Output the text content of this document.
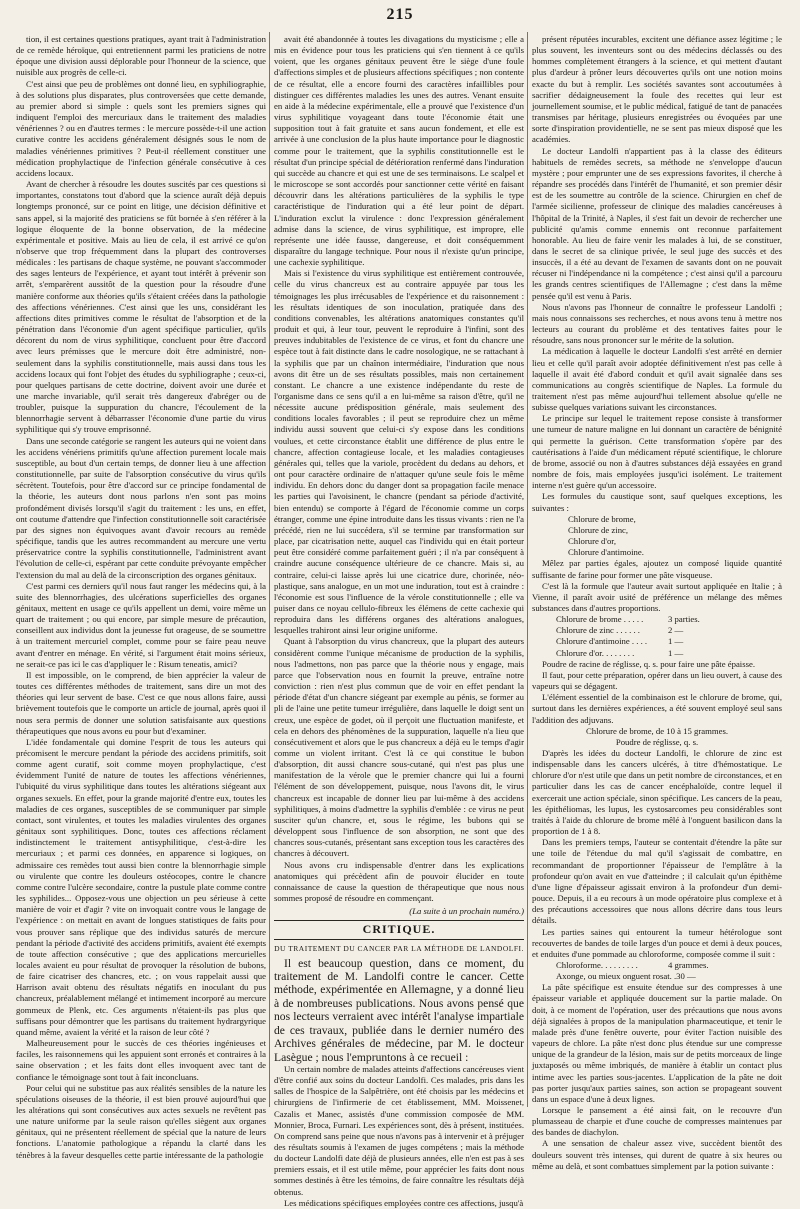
215

tion, il est certaines questions pratiques, ayant trait à l'administration de ce remède héroïque, qui entretiennent parmi les praticiens de notre époque une division aussi déplorable pour l'honneur de la science, que nuisible aux progrès de celle-ci.

C'est ainsi que peu de problèmes ont donné lieu, en syphiliographie, à des solutions plus disparates, plus controversées que cette demande, au premier abord si simple : quels sont les premiers signes qui indiquent l'emploi des mercuriaux dans le traitement des maladies vénériennes ? ou en d'autres termes : le mercure possède-t-il une action curative contre les accidens généralement désignés sous le nom de maladies vénériennes primitives ? Peut-il réellement constituer une médication prophylactique de l'infection générale consécutive à ces accidens locaux.

Avant de chercher à résoudre les doutes suscités par ces questions si importantes, constatons tout d'abord que la science auraît déjà depuis longtemps prononcé, sur ce point en litige, une décision définitive et sans appel, si la majorité des praticiens se fût bornée à s'en référer à la logique éloquente de la bonne observation, de la médecine expérimentale et positive. Mais au lieu de cela, il est arrivé ce qu'on n'observe que trop fréquemment dans la plupart des controverses médicales : les partisans de chaque système, ne pouvant s'accommoder des sages lenteurs de l'expérience, et ayant tout intérêt à prévenir son arrêt, s'emparèrent aussitôt de la question pour la résoudre d'une manière conforme aux théories qu'ils s'étaient créées dans la pathologie des affections vénériennes. C'est ainsi que les uns, considérant les affections dites primitives comme le résultat de l'absorption et de la pénétration dans l'économie d'un agent spécifique particulier, qu'ils décorent du nom de virus syphilitique, concluent pour être d'accord avec leurs prémisses que le mercure doit être administré, non-seulement dans la syphilis constitutionnelle, mais aussi dans tous les accidens locaux qui font l'objet des études du syphiliographe ; ceux-ci, pour quelques partisans de cette doctrine, doivent avoir une durée et une marche invariable, qu'il serait très dangereux d'abréger ou de troubler, puisque la suppuration du chancre, l'écoulement de la blennorrhagie servent à débarrasser l'économie d'une partie du virus syphilitique qui s'y trouve emprisonné.

Dans une seconde catégorie se rangent les auteurs qui ne voient dans les accidens vénériens primitifs qu'une affection purement locale mais susceptible, au bout d'un certain temps, de donner lieu à une affection constitutionnelle, par suite de l'absorption consécutive du virus qu'ils sécrètent. Toutefois, pour être d'accord sur ce principe fondamental de la théorie, les auteurs dont nous parlons n'en sont pas moins profondément divisés lorsqu'il s'agit du traitement : les uns, en effet, ont coutume d'attendre que l'infection constitutionnelle soit caractérisée par des signes non équivoques avant d'avoir recours au remède spécifique, tandis que les autres recommandent au mercure une vertu préservatrice contre la syphilis constitutionnelle, l'administrent avant l'évolution de celle-ci, espérant par cette conduite prévoyante empêcher l'extension du mal au delà de la circonscription des organes génitaux.

C'est parmi ces derniers qu'il nous faut ranger les médecins qui, à la suite des blennorrhagies, des ulcérations superficielles des organes génitaux, mettent en usage ce qu'ils appellent un demi, voire même un quart de traitement ; ou qui encore, par simple mesure de précaution, conseillent aux individus dont la jeunesse fut orageuse, de se soumettre à un traitement mercuriel complet, comme pour se faire peau neuve avant d'entrer en ménage. En vérité, si l'argument était moins sérieux, ne serait-ce pas ici le cas d'appliquer le : Risum teneatis, amici?

Il est impossible, on le comprend, de bien apprécier la valeur de toutes ces différentes méthodes de traitement, sans dire un mot des théories qui leur servent de base. C'est ce que nous allons faire, aussi brièvement toutefois que le comporte un article de journal, après quoi il nous sera permis de donner une solution satisfaisante aux questions thérapeutiques que nous avons eu pour but d'examiner.

L'idée fondamentale qui domine l'esprit de tous les auteurs qui précomisent le mercure pendant la période des accidens primitifs, soit comme agent curatif, soit comme moyen prophylactique, c'est évidemment l'unité de nature de toutes les affections vénériennes, l'ubiquité du virus syphilitique dans toutes les altérations siégeant aux organes sexuels. En effet, pour la grande majorité d'entre eux, toutes les maladies de ces organes, susceptibles de se communiquer par simple contact, sont virulentes, et toutes les maladies virulentes des organes génitaux sont syphilitiques. Donc, toutes ces affections réclament indistinctement le traitement antisyphilitique, c'est-à-dire les mercuriaux ; et parmi ces données, en apparence si logiques, on admissaire ces remèdes tout aussi bien contre la blennorrhagie simple ou virulente que contre les douleurs ostéocopes, contre le chancre comme contre l'ulcère secondaire, contre la pustule plate comme contre les syphilides... Opposez-vous une objection un peu sérieuse à cette manière de voir et d'agir ? vite on invoquait contre vous le langage de l'expérience : on mettait en avant de longues statistiques de faits pour vous prouver sans réplique que des individus saturés de mercure pendant la période d'activité des accidens primitifs, avaient été exempts de toute affection consécutive ; que des applications mercurielles locales avaient eu pour résultat de provoquer la résolution de bubons, de faire cicatriser des chancres, etc. ; on vous rappelait aussi que Harrison avait obtenu des résultats négatifs en inoculant du pus chancreux, préalablement mélangé et intimement incorporé au mercure gommeux de Plenk, etc. Ces arguments n'étaient-ils pas plus que suffisans pour démontrer que les partisans du traitement hydrargyrique quand même, avaient la vérité et la raison de leur côté ?

Malheureusement pour le succès de ces théories ingénieuses et faciles, les raisonnemens qui les appuient sont erronés et contraires à la saine observation ; et les faits dont elles invoquent avec tant de confiance le témoignage sont tout à fait inconcluans.

Pour celui qui ne substitue pas aux réalités sensibles de la nature les spéculations oiseuses de la théorie, il est bien prouvé aujourd'hui que les altérations qui sont consécutives aux actes sexuels ne revêtent pas une nature uniforme par la seule raison qu'elles siègent aux organes génitaux, qui ne présentent réellement de spécial que la nature de leurs fonctions. L'anatomie pathologique a répandu la clarté dans les ténèbres à la faveur desquelles cette partie intéressante de la pathologie

avait été abandonnée à toutes les divagations du mysticisme ; elle a mis en évidence pour tous les praticiens qui s'en tiennent à ce qu'ils voient, que les organes génitaux peuvent être le siège d'une foule d'affections simples et de plusieurs affections spécifiques ; non contente de ce résultat, elle a encore fourni des caractères infaillibles pour distinguer ces différentes maladies les unes des autres. Venant ensuite en aide à la médecine expérimentale, elle a prouvé que l'existence d'un virus syphilitique voyageant dans toute l'économie était une supposition tout à fait gratuite et sans aucun fondement, et elle est arrivée à une conclusion de la plus haute importance pour le diagnostic comme pour le traitement, que la syphilis constitutionnelle est le résultat d'un principe spécial de détérioration renfermé dans l'induration qui succède au chancre et qui est une de ses terminaisons. Le scalpel et le microscope se sont accordés pour sanctionner cette vérité en faisant découvrir dans les altérations particulières de la syphilis le type caractéristique de l'induration qui a été leur point de départ. L'induration exclut la virulence : donc l'expression généralement admise dans la science, de virus syphilitique, est impropre, elle représente une idée fausse, dangereuse, et doit conséquemment disparaître du langage technique. Pour nous il n'existe qu'un principe, une cachexie syphilitique.

Mais si l'existence du virus syphilitique est entièrement controuvée, celle du virus chancreux est au contraire appuyée par tous les témoignages les plus irrécusables de l'expérience et du raisonnement : les résultats identiques de son inoculation, pratiquée dans des conditions convenables, les altérations anatomiques constantes qu'il produit et qui, à leur tour, peuvent le reproduire à l'infini, sont des preuves indubitables de l'existence de ce virus, et font du chancre une espèce tout à fait distincte dans le cadre nosologique, ne se rattachant à la syphilis que par un chaînon intermédiaire, l'induration que nous avons dit être un de ses résultats possibles, mais non certainement constant. Le chancre a une existence indépendante du reste de l'organisme dans ce sens qu'il a en lui-même sa raison d'être, qu'il ne nécessite aucune prédisposition générale, mais seulement des conditions locales favorables ; il peut se reproduire chez un même individu aussi souvent que celui-ci s'y expose dans les conditions voulues, et cette circonstance établit une différence de plus entre le chancre, affection contagieuse locale, et les maladies contagieuses générales qui, telles que la variole, procèdent du dedans au dehors, et ont pour caractère ordinaire de n'attaquer qu'une seule fois le même individu. En dehors donc du danger dont sa propagation facile menace les parties qui l'avoisinent, le chancre (pendant sa période d'activité, bien entendu) se comporte à l'égard de l'économie comme un corps étranger, comme une épine introduite dans les tissus vivants : rien ne l'a précédé, rien ne lui succédera, s'il se termine par transformation sur place, par cicatrisation nette, auquel cas l'individu qui en était porteur peut être considéré comme parfaitement guéri ; il n'a par conséquent à craindre aucune conséquence ultérieure de ce chancre. Mais si, au contraire, celui-ci laisse après lui une cicatrice dure, chorinée, néo-plastique, sans analogue, en un mot une induration, tout est à craindre : l'économie est sous l'influence de la vérole constitutionnelle ; elle va puiser dans ce noyau cellulo-fibreux les élémens de cette cachexie qui reproduira dans les différens organes des altérations analogues, lesquelles trahiront ainsi leur origine uniforme.

Quant à l'absorption du virus chancreux, que la plupart des auteurs considèrent comme l'unique mécanisme de production de la syphilis, nous l'admettons, non pas parce que la théorie nous y engage, mais parce que l'observation nous en fournit la preuve, entraîne notre conviction : rien n'est plus commun que de voir en effet pendant la période d'état d'un chancre siégeant par exemple au pénis, se former au pli de l'aine une petite tumeur irrégulière, dans laquelle le doigt sent un creux, une espèce de godet, où il perçoit une fluctuation manifeste, et cela en dehors des phénomènes de la suppuration, laquelle n'a lieu que consécutivement et alors que le pus chancreux a déjà eu le temps d'agir comme un violent irritant. C'est là ce qui constitue le bubon d'absorption, dit aussi chancre sous-cutané, qui n'est pas plus une manifestation de la vérole que le premier chancre qui lui a fourni l'élément de son développement, puisque, nous l'avons dit, le virus chancreux est incapable de donner lieu par lui-même à des accidens syphilitiques, à moins d'admettre la syphilis d'emblée : ce virus ne peut susciter qu'un chancre, et, sous le régime, les bubons qui se développent sous l'influence de son absorption, ne sont que des chancres sous-cutanés, présentant sans exception tous les caractères des chancres à découvert.

Nous avons cru indispensable d'entrer dans les explications anatomiques qui précèdent afin de pouvoir élucider en toute connaissance de cause la question de thérapeutique que nous nous sommes proposé de résoudre en commençant.

(La suite à un prochain numéro.)
CRITIQUE.
DU TRAITEMENT DU CANCER PAR LA MÉTHODE DE LANDOLFI.

Il est beaucoup question, dans ce moment, du traitement de M. Landolfi contre le cancer. Cette méthode, expérimentée en Allemagne, y a donné lieu à de nombreuses publications. Nous avons pensé que nos lecteurs verraient avec intérêt l'analyse impartiale de ces travaux, publiée dans le dernier numéro des Archives générales de médecine, par M. le docteur Lasègue ; nous l'empruntons à ce recueil :

Un certain nombre de malades atteints d'affections cancéreuses vient d'être confié aux soins du docteur Landolfi. Ces malades, pris dans les salles de l'hospice de la Salpêtrière, ont été choisis par les médecins et chirurgiens de l'infirmerie de cet établissement, MM. Moissenet, Cazalis et Manec, assistés d'une commission composée de MM. Monnier, Broca, Furnari. Les expériences sont, dès à présent, instituées. On comprend sans peine que nous n'avons pas à intervenir et à préjuger des résultats soumis à l'examen de juges compétens ; mais la méthode du docteur Landolfi date déjà de plusieurs années, elle n'en est pas à ses premiers essais, et il est utile même, pour apprécier les faits dont nous sommes destinés à être les témoins, de faire connaître les résultats déjà obtenus.

Les médications spécifiques employées contre ces affections, jusqu'à

présent réputées incurables, excitent une défiance assez légitime ; le plus souvent, les inventeurs sont ou des médecins déclassés ou des hommes complètement étrangers à la science, et qui mettent d'autant plus d'ardeur à prôner leurs découvertes qu'ils ont une notion moins exacte du but à remplir. Les sociétés savantes sont accoutumées à sacrifier dédaigneusement la foule des recettes qui leur est journellement soumise, et le public médical, fatigué de tant de panacées transmises par héritage, plusieurs enregistrées ou évoquées par une sorte d'inspiration providentielle, ne se sent pas mieux disposé que les académies.

Le docteur Landolfi n'appartient pas à la classe des éditeurs habituels de remèdes secrets, sa méthode ne s'enveloppe d'aucun mystère ; pour emprunter une de ses expressions favorites, il cherche à répandre ses procédés dans l'intérêt de l'humanité, et son premier désir est de les soumettre au contrôle de la science. Chirurgien en chef de l'armée sicilienne, professeur de clinique des maladies cancéreuses à l'hôpital de la Trinité, à Naples, il s'est fait un devoir de rechercher une publicité qu'amis comme ennemis ont reconnue parfaitement honorable. Au lieu de faire venir les malades à lui, de se constituer, dans le secret de sa clinique privée, le seul juge des succès et des insuccès, il a été au devant de l'examen de savants dont on ne pouvait récuser ni l'indépendance ni la compétence ; c'est ainsi qu'il a parcouru les grands centres scientifiques de l'Allemagne ; c'est dans la même pensée qu'il est venu à Paris.

Nous n'avons pas l'honneur de connaître le professeur Landolfi ; mais nous connaissons ses recherches, et nous avons tenu à mettre nos lecteurs au courant du problème et des tentatives faites pour le résoudre, sans nous prononcer sur le mérite de la solution.

La médication à laquelle le docteur Landolfi s'est arrêté en dernier lieu et celle qu'il paraît avoir adoptée définitivement n'est pas celle à laquelle il avait été d'abord conduit et qu'il avait signalée dans ses communications au congrès scientifique de Naples. La formule du traitement n'est pas même aujourd'hui tellement absolue qu'elle ne subisse quelques variations suivant les circonstances.

Le principe sur lequel le traitement repose consiste à transformer une tumeur de nature maligne en lui donnant un caractère de bénignité qui permette la guérison. Cette transformation s'opère par des cautérisations à l'aide d'un médicament réputé scientifique, le chlorure de brome, associé ou non à d'autres substances déjà essayées en grand nombre de fois, mais employées jusqu'ici isolément. Le traitement interne n'est guère qu'un accessoire.

Les formules du caustique sont, sauf quelques exceptions, les suivantes :

Chlorure de brome,
Chlorure de zinc,
Chlorure d'or,
Chlorure d'antimoine.

Mêlez par parties égales, ajoutez un composé liquide quantité suffisante de farine pour former une pâte visqueuse.

C'est là la formule que l'auteur avait surtout appliquée en Italie ; à Vienne, il paraît avoir usité de préférence un mélange des mêmes substances dans d'autres proportions.

Chlorure de brome . . . . .	3 parties.
Chlorure de zinc . . . . . .	2 —
Chlorure d'antimoine . . . .	1 —
Chlorure d'or. . . . . . . .	1 —

Poudre de racine de réglisse, q. s. pour faire une pâte épaisse.

Il faut, pour cette préparation, opérer dans un lieu ouvert, à cause des vapeurs qui se dégagent.

L'élément essentiel de la combinaison est le chlorure de brome, qui, surtout dans les dernières expériences, a été souvent employé seul sans l'addition des adjuvans.

Chlorure de brome, de 10 à 15 grammes.
Poudre de réglisse, q. s.

D'après les idées du docteur Landolfi, le chlorure de zinc est indispensable dans les cancers ulcérés, à titre d'hémostatique. Le chlorure d'or n'est utile que dans un petit nombre de circonstances, et en particulier dans les cas de cancer encéphaloïde, contre lequel il exercerait une action spéciale, sinon spécifique. Les cancers de la peau, les épithéliomas, les lupus, les cystosarcomes peu considérables sont traités à l'aide du chlorure de brome mêlé à l'onguent basilicon dans la proportion de 1 à 8.

Dans les premiers temps, l'auteur se contentait d'étendre la pâte sur une toile de l'étendue du mal qu'il s'agissait de combattre, en recommandant de proportionner l'épaisseur de l'emplâtre à la profondeur qu'on avait en vue d'atteindre ; il calculait qu'un épithème d'une ligne d'épaisseur agissait environ à la profondeur d'un demi-pouce. Depuis, il a eu recours à un mode opératoire plus complexe et à des précautions accessoires que nous allons décrire dans tous leurs détails.

Les parties saines qui entourent la tumeur hétérologue sont recouvertes de bandes de toile larges d'un pouce et demi à deux pouces, et enduites d'une pommade au chloroforme, composée comme il suit :

Chloroforme. . . . . . . . .	4 grammes.
Axonge, ou mieux onguent rosat. . 30 —

La pâte spécifique est ensuite étendue sur des compresses à une épaisseur variable et appliquée doucement sur la partie malade. On doit, à ce moment de l'opération, user des précautions que nous avons déjà signalées à propos de la manipulation pharmaceutique, et tenir le malade près d'une fenêtre ouverte, pour éviter l'action nuisible des vapeurs de chlore. La pâte n'est donc plus étendue sur une compresse unique de la grandeur de la lésion, mais sur de petits morceaux de linge juxtaposés ou même imbriqués, de manière à établir un contact plus intime avec les parties sous-jacentes. L'application de la pâte ne doit pas porter jusqu'aux parties saines, son action se propageant souvent dans un espace d'une à deux lignes.

Lorsque le pansement a été ainsi fait, on le recouvre d'un plumasseau de charpie et d'une couche de compresses maintenues par des bandes de diachylon.

A une sensation de chaleur assez vive, succèdent bientôt des douleurs souvent très intenses, qui durent de quatre à six heures ou même au delà, et sont combattues simplement par la potion suivante :
